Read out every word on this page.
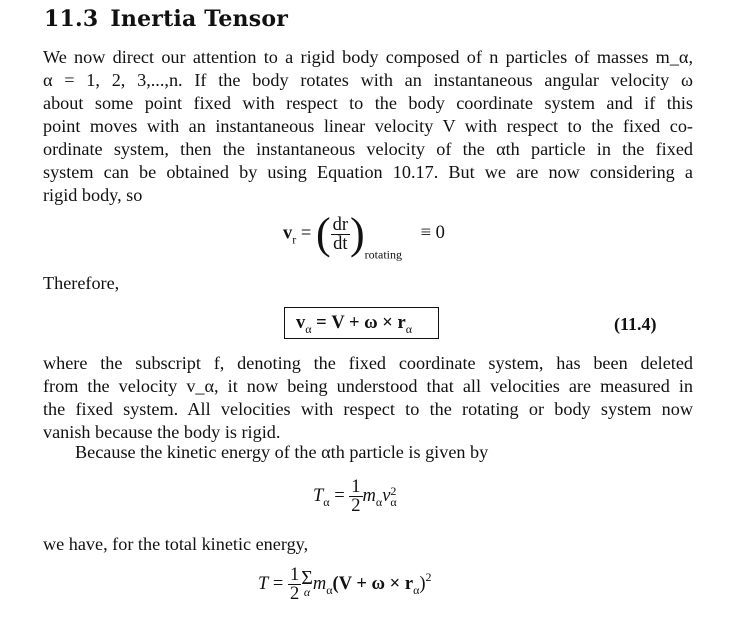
11.3 Inertia Tensor
We now direct our attention to a rigid body composed of n particles of masses m_α,
α = 1, 2, 3,...,n. If the body rotates with an instantaneous angular velocity ω
about some point fixed with respect to the body coordinate system and if this
point moves with an instantaneous linear velocity V with respect to the fixed co-
ordinate system, then the instantaneous velocity of the αth particle in the fixed
system can be obtained by using Equation 10.17. But we are now considering a
rigid body, so
$v_r$ = ( $\frac{dr}{dt} )_{rotating} \equiv 0$
Therefore,
$v_\alpha = V + \omega \times r_\alpha$	(11.4)
where the subscript f, denoting the fixed coordinate system, has been deleted
from the velocity v_α, it now being understood that all velocities are measured in
the fixed system. All velocities with respect to the rotating or body system now
vanish because the body is rigid.
Because the kinetic energy of the αth particle is given by
$T_\alpha = \frac{1}{2} m_\alpha v$ 2
α
we have, for the total kinetic energy,
$T = \frac{1}{2}$ Σ
α $m_\alpha(V + \omega \times r_\alpha)^2$
